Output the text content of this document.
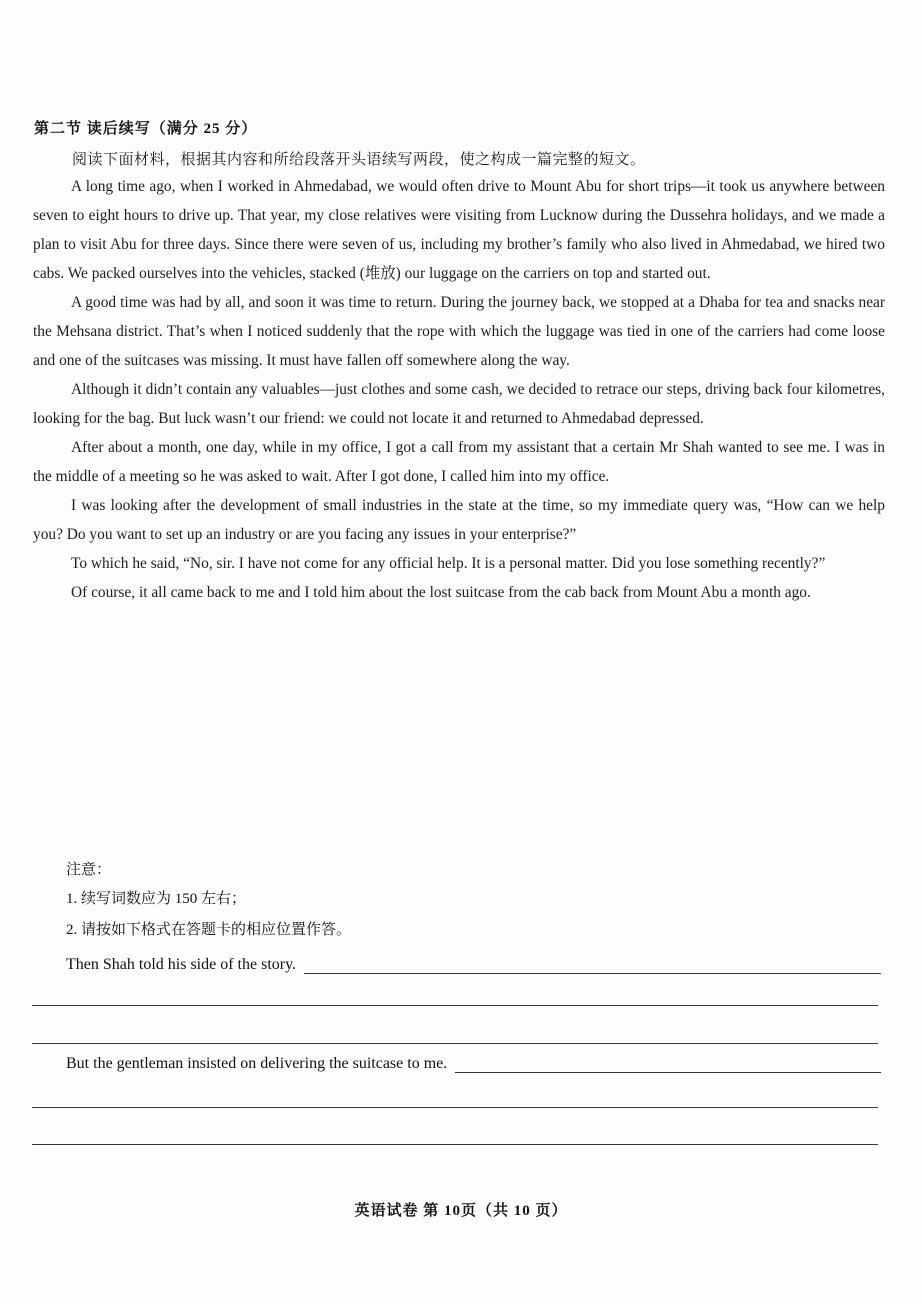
第二节 读后续写（满分 25 分）
阅读下面材料，根据其内容和所给段落开头语续写两段，使之构成一篇完整的短文。

A long time ago, when I worked in Ahmedabad, we would often drive to Mount Abu for short trips—it took us anywhere between seven to eight hours to drive up. That year, my close relatives were visiting from Lucknow during the Dussehra holidays, and we made a plan to visit Abu for three days. Since there were seven of us, including my brother’s family who also lived in Ahmedabad, we hired two cabs. We packed ourselves into the vehicles, stacked (堆放) our luggage on the carriers on top and started out.

A good time was had by all, and soon it was time to return. During the journey back, we stopped at a Dhaba for tea and snacks near the Mehsana district. That’s when I noticed suddenly that the rope with which the luggage was tied in one of the carriers had come loose and one of the suitcases was missing. It must have fallen off somewhere along the way.

Although it didn’t contain any valuables—just clothes and some cash, we decided to retrace our steps, driving back four kilometres, looking for the bag. But luck wasn’t our friend: we could not locate it and returned to Ahmedabad depressed.

After about a month, one day, while in my office, I got a call from my assistant that a certain Mr Shah wanted to see me. I was in the middle of a meeting so he was asked to wait. After I got done, I called him into my office.

I was looking after the development of small industries in the state at the time, so my immediate query was, “How can we help you? Do you want to set up an industry or are you facing any issues in your enterprise?”

To which he said, “No, sir. I have not come for any official help. It is a personal matter. Did you lose something recently?”

Of course, it all came back to me and I told him about the lost suitcase from the cab back from Mount Abu a month ago.

注意：
1. 续写词数应为 150 左右；
2. 请按如下格式在答题卡的相应位置作答。
Then Shah told his side of the story.
But the gentleman insisted on delivering the suitcase to me.
英语试卷 第 10页（共 10 页）
